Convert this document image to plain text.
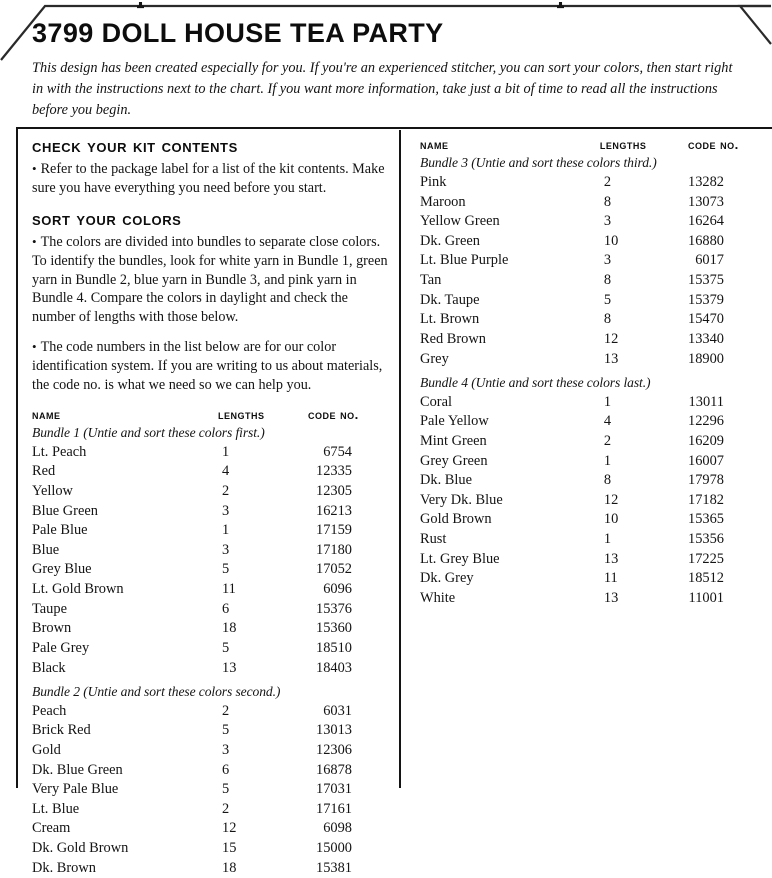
3799 DOLL HOUSE TEA PARTY

This design has been created especially for you. If you're an experienced stitcher, you can sort your colors, then start right in with the instructions next to the chart. If you want more information, take just a bit of time to read all the instructions before you begin.

check your kit contents

• Refer to the package label for a list of the kit contents. Make sure you have everything you need before you start.

sort your colors

• The colors are divided into bundles to separate close colors. To identify the bundles, look for white yarn in Bundle 1, green yarn in Bundle 2, blue yarn in Bundle 3, and pink yarn in Bundle 4. Compare the colors in daylight and check the number of lengths with those below.

• The code numbers in the list below are for our color identification system. If you are writing to us about materials, the code no. is what we need so we can help you.

name	lengths	code no.
Bundle 1 (Untie and sort these colors first.)		
Lt. Peach	1	6754
Red	4	12335
Yellow	2	12305
Blue Green	3	16213
Pale Blue	1	17159
Blue	3	17180
Grey Blue	5	17052
Lt. Gold Brown	11	6096
Taupe	6	15376
Brown	18	15360
Pale Grey	5	18510
Black	13	18403
Bundle 2 (Untie and sort these colors second.)		
Peach	2	6031
Brick Red	5	13013
Gold	3	12306
Dk. Blue Green	6	16878
Very Pale Blue	5	17031
Lt. Blue	2	17161
Cream	12	6098
Dk. Gold Brown	15	15000
Dk. Brown	18	15381
name	lengths	code no.
Bundle 3 (Untie and sort these colors third.)		
Pink	2	13282
Maroon	8	13073
Yellow Green	3	16264
Dk. Green	10	16880
Lt. Blue Purple	3	6017
Tan	8	15375
Dk. Taupe	5	15379
Lt. Brown	8	15470
Red Brown	12	13340
Grey	13	18900
Bundle 4 (Untie and sort these colors last.)		
Coral	1	13011
Pale Yellow	4	12296
Mint Green	2	16209
Grey Green	1	16007
Dk. Blue	8	17978
Very Dk. Blue	12	17182
Gold Brown	10	15365
Rust	1	15356
Lt. Grey Blue	13	17225
Dk. Grey	11	18512
White	13	11001
